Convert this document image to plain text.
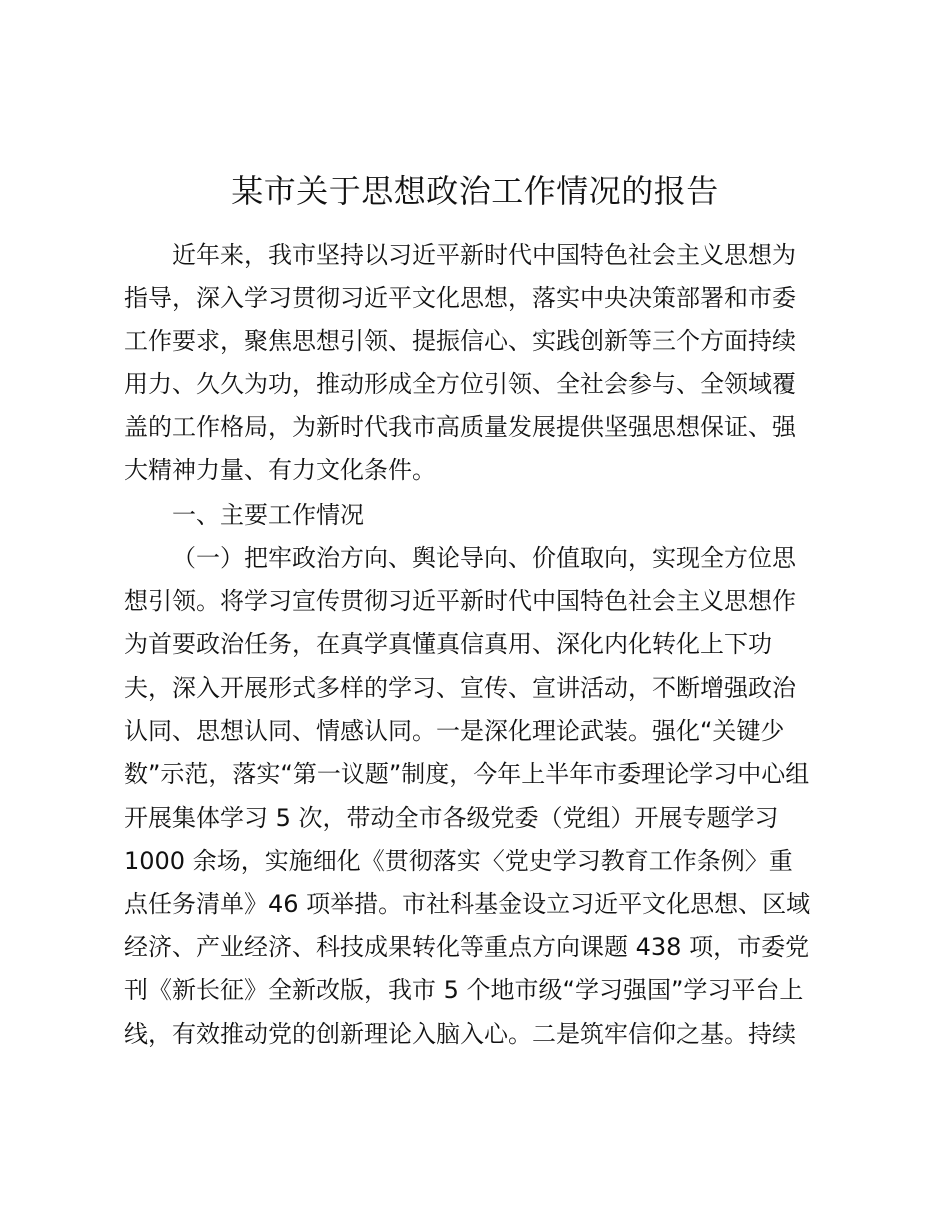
某市关于思想政治工作情况的报告
近年来，我市坚持以习近平新时代中国特色社会主义思想为
指导，深入学习贯彻习近平文化思想，落实中央决策部署和市委
工作要求，聚焦思想引领、提振信心、实践创新等三个方面持续
用力、久久为功，推动形成全方位引领、全社会参与、全领域覆
盖的工作格局，为新时代我市高质量发展提供坚强思想保证、强
大精神力量、有力文化条件。
一、主要工作情况
（一）把牢政治方向、舆论导向、价值取向，实现全方位思
想引领。将学习宣传贯彻习近平新时代中国特色社会主义思想作
为首要政治任务，在真学真懂真信真用、深化内化转化上下功
夫，深入开展形式多样的学习、宣传、宣讲活动，不断增强政治
认同、思想认同、情感认同。一是深化理论武装。强化“关键少
数”示范，落实“第一议题”制度，今年上半年市委理论学习中心组
开展集体学习 5 次，带动全市各级党委（党组）开展专题学习
1000 余场，实施细化《贯彻落实〈党史学习教育工作条例〉重
点任务清单》46 项举措。市社科基金设立习近平文化思想、区域
经济、产业经济、科技成果转化等重点方向课题 438 项，市委党
刊《新长征》全新改版，我市 5 个地市级“学习强国”学习平台上
线，有效推动党的创新理论入脑入心。二是筑牢信仰之基。持续
